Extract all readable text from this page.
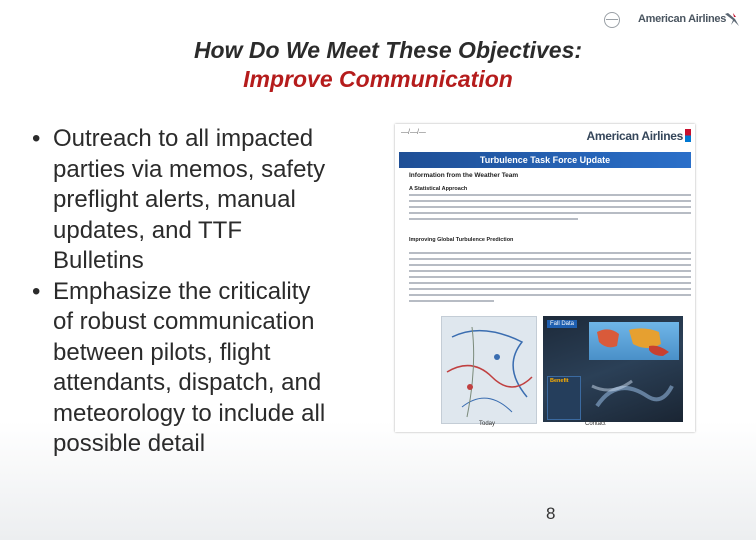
American Airlines
How Do We Meet These Objectives:
Improve Communication
• Outreach to all impacted
parties via memos, safety
preflight alerts, manual
updates, and TTF
Bulletins
• Emphasize the criticality
of robust communication
between pilots, flight
attendants, dispatch, and
meteorology to include all
possible detail
—/—/—	American Airlines
Turbulence Task Force Update
Information from the Weather Team
A Statistical Approach
Improving Global Turbulence Prediction
Fall Data
Benefit
Today	Contact
8
